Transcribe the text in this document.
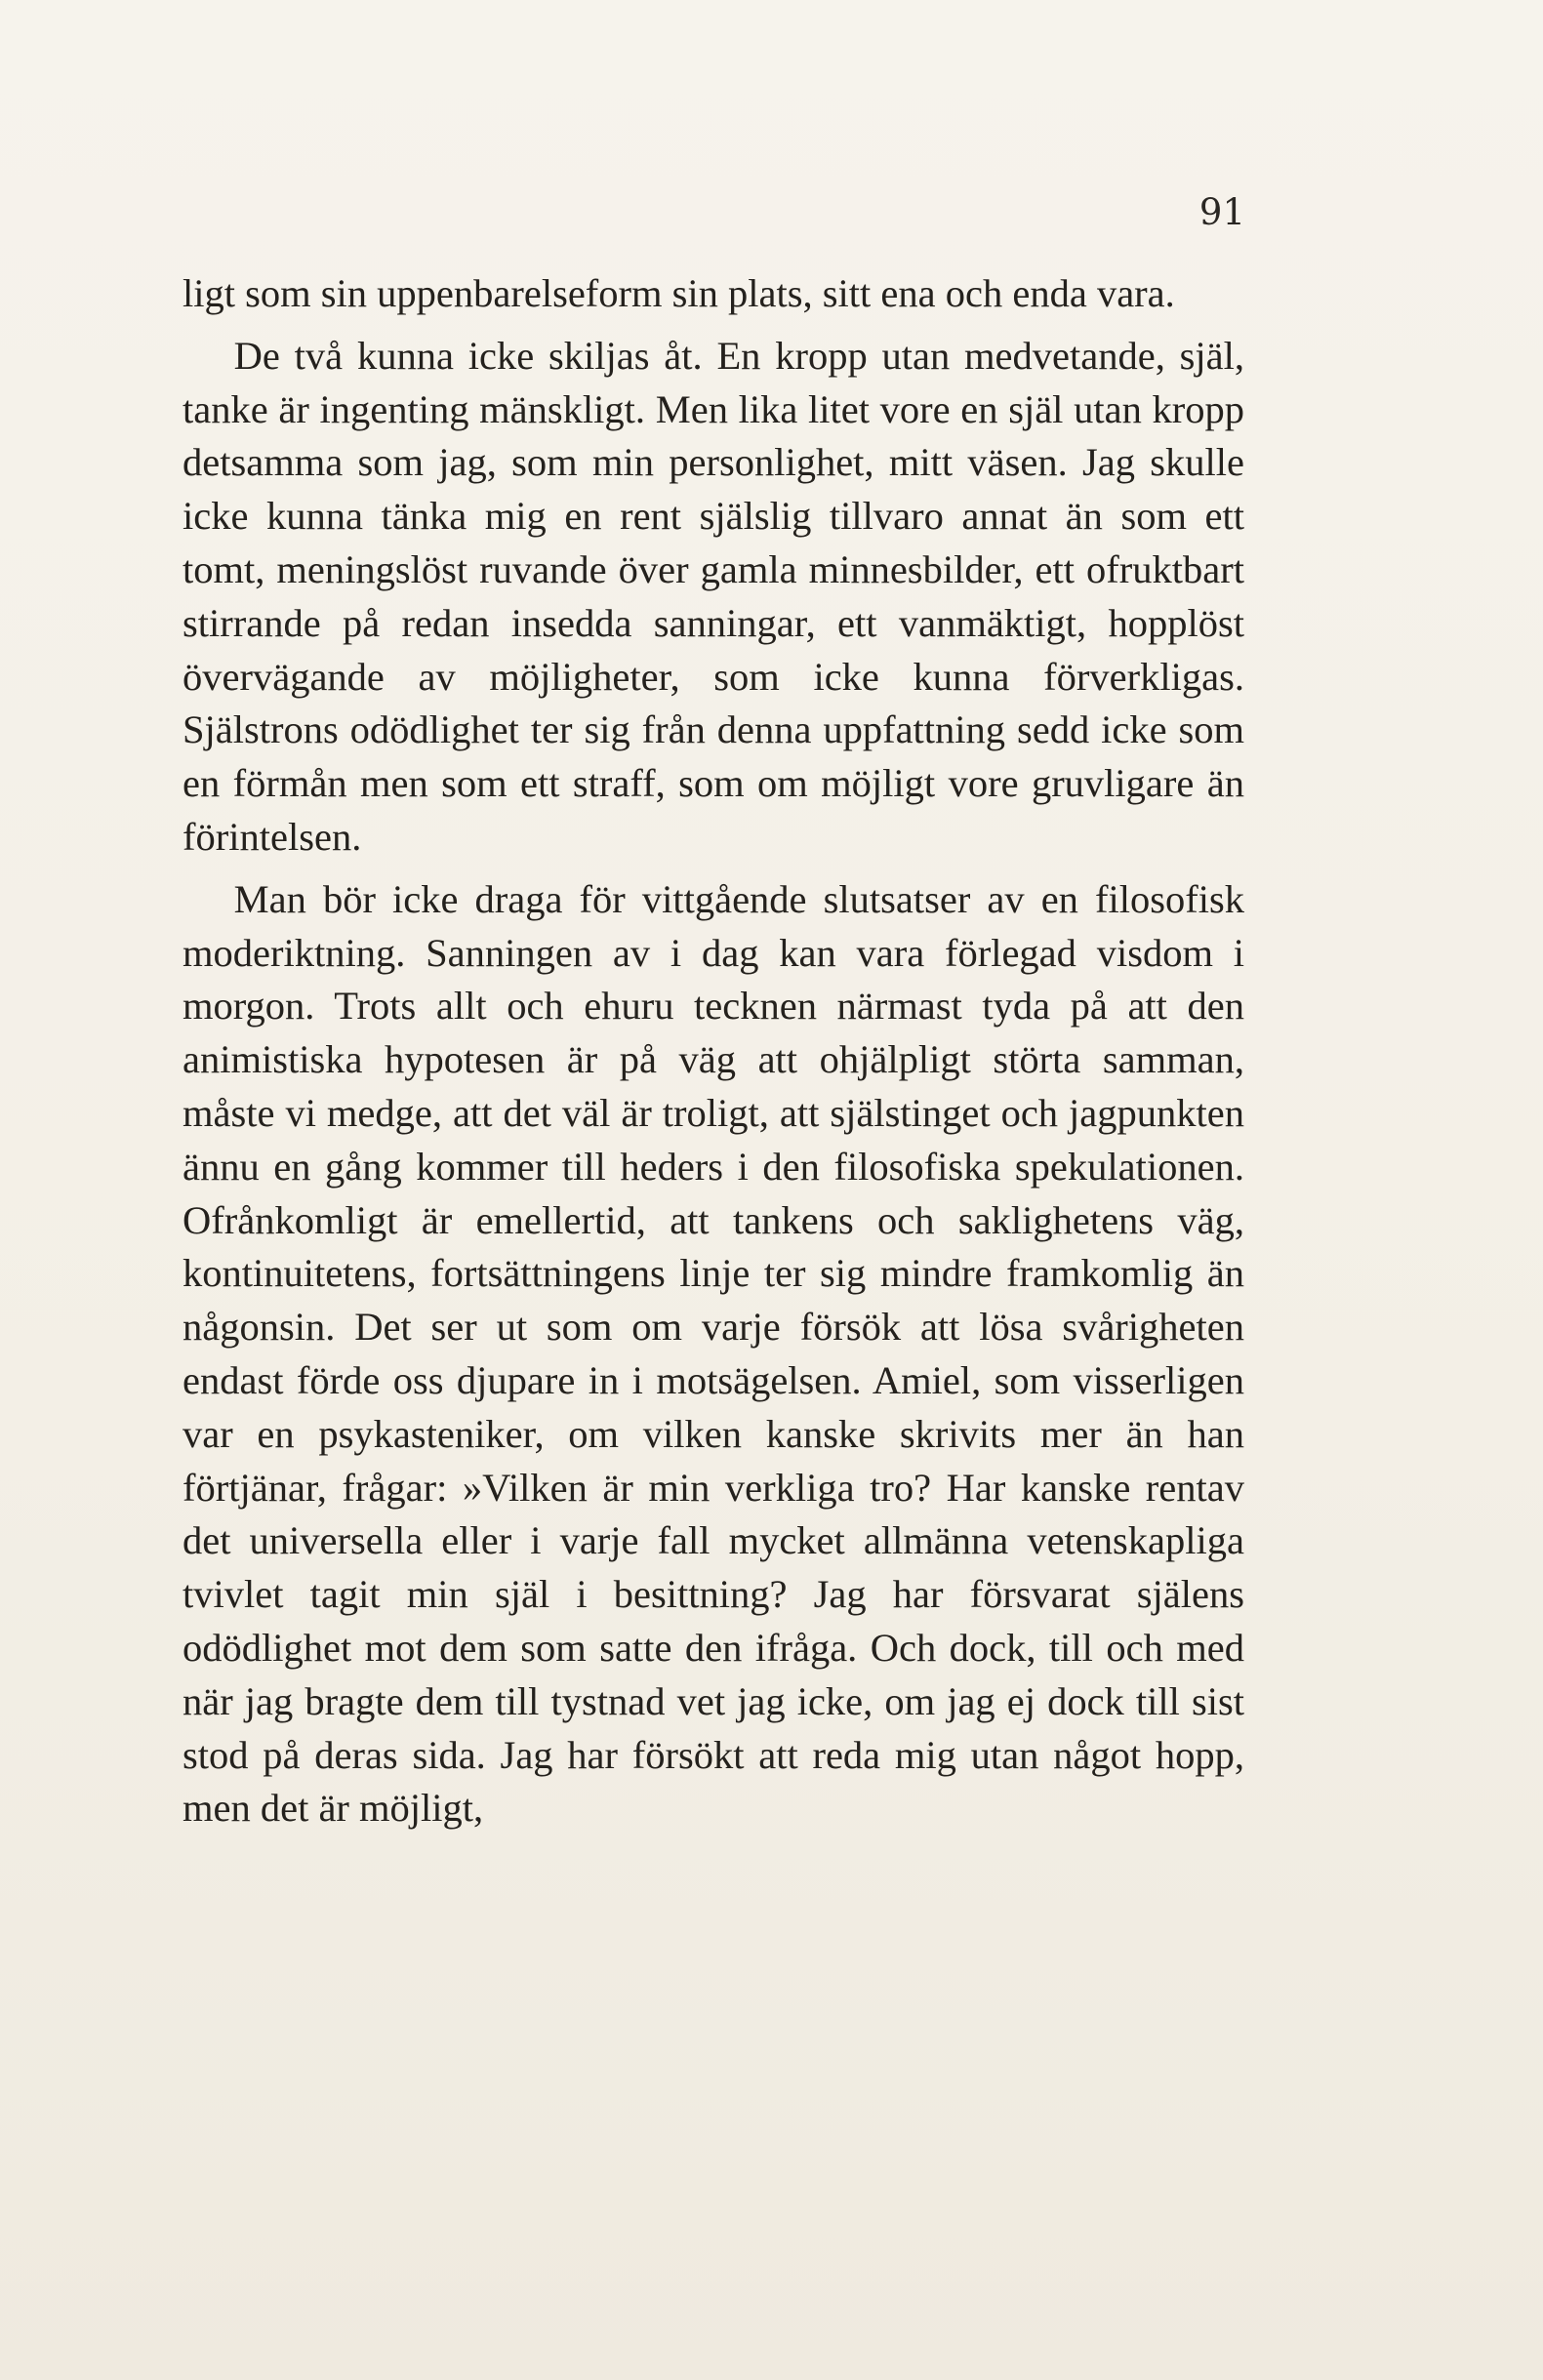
91

ligt som sin uppenbarelseform sin plats, sitt ena och enda vara.

De två kunna icke skiljas åt. En kropp utan medvetande, själ, tanke är ingenting mänskligt. Men lika litet vore en själ utan kropp detsamma som jag, som min personlighet, mitt väsen. Jag skulle icke kunna tänka mig en rent själslig tillvaro annat än som ett tomt, meningslöst ruvande över gamla minnesbilder, ett ofruktbart stirrande på redan insedda sanningar, ett vanmäktigt, hopplöst övervägande av möjligheter, som icke kunna förverkligas. Själstrons odödlighet ter sig från denna uppfattning sedd icke som en förmån men som ett straff, som om möjligt vore gruvligare än förintelsen.

Man bör icke draga för vittgående slutsatser av en filosofisk moderiktning. Sanningen av i dag kan vara förlegad visdom i morgon. Trots allt och ehuru tecknen närmast tyda på att den animistiska hypotesen är på väg att ohjälpligt störta samman, måste vi medge, att det väl är troligt, att själstinget och jagpunkten ännu en gång kommer till heders i den filosofiska spekulationen. Ofrånkomligt är emellertid, att tankens och saklighetens väg, kontinuitetens, fortsättningens linje ter sig mindre framkomlig än någonsin. Det ser ut som om varje försök att lösa svårigheten endast förde oss djupare in i motsägelsen. Amiel, som visserligen var en psykasteniker, om vilken kanske skrivits mer än han förtjänar, frågar: »Vilken är min verkliga tro? Har kanske rentav det universella eller i varje fall mycket allmänna vetenskapliga tvivlet tagit min själ i besittning? Jag har försvarat själens odödlighet mot dem som satte den ifråga. Och dock, till och med när jag bragte dem till tystnad vet jag icke, om jag ej dock till sist stod på deras sida. Jag har försökt att reda mig utan något hopp, men det är möjligt,
